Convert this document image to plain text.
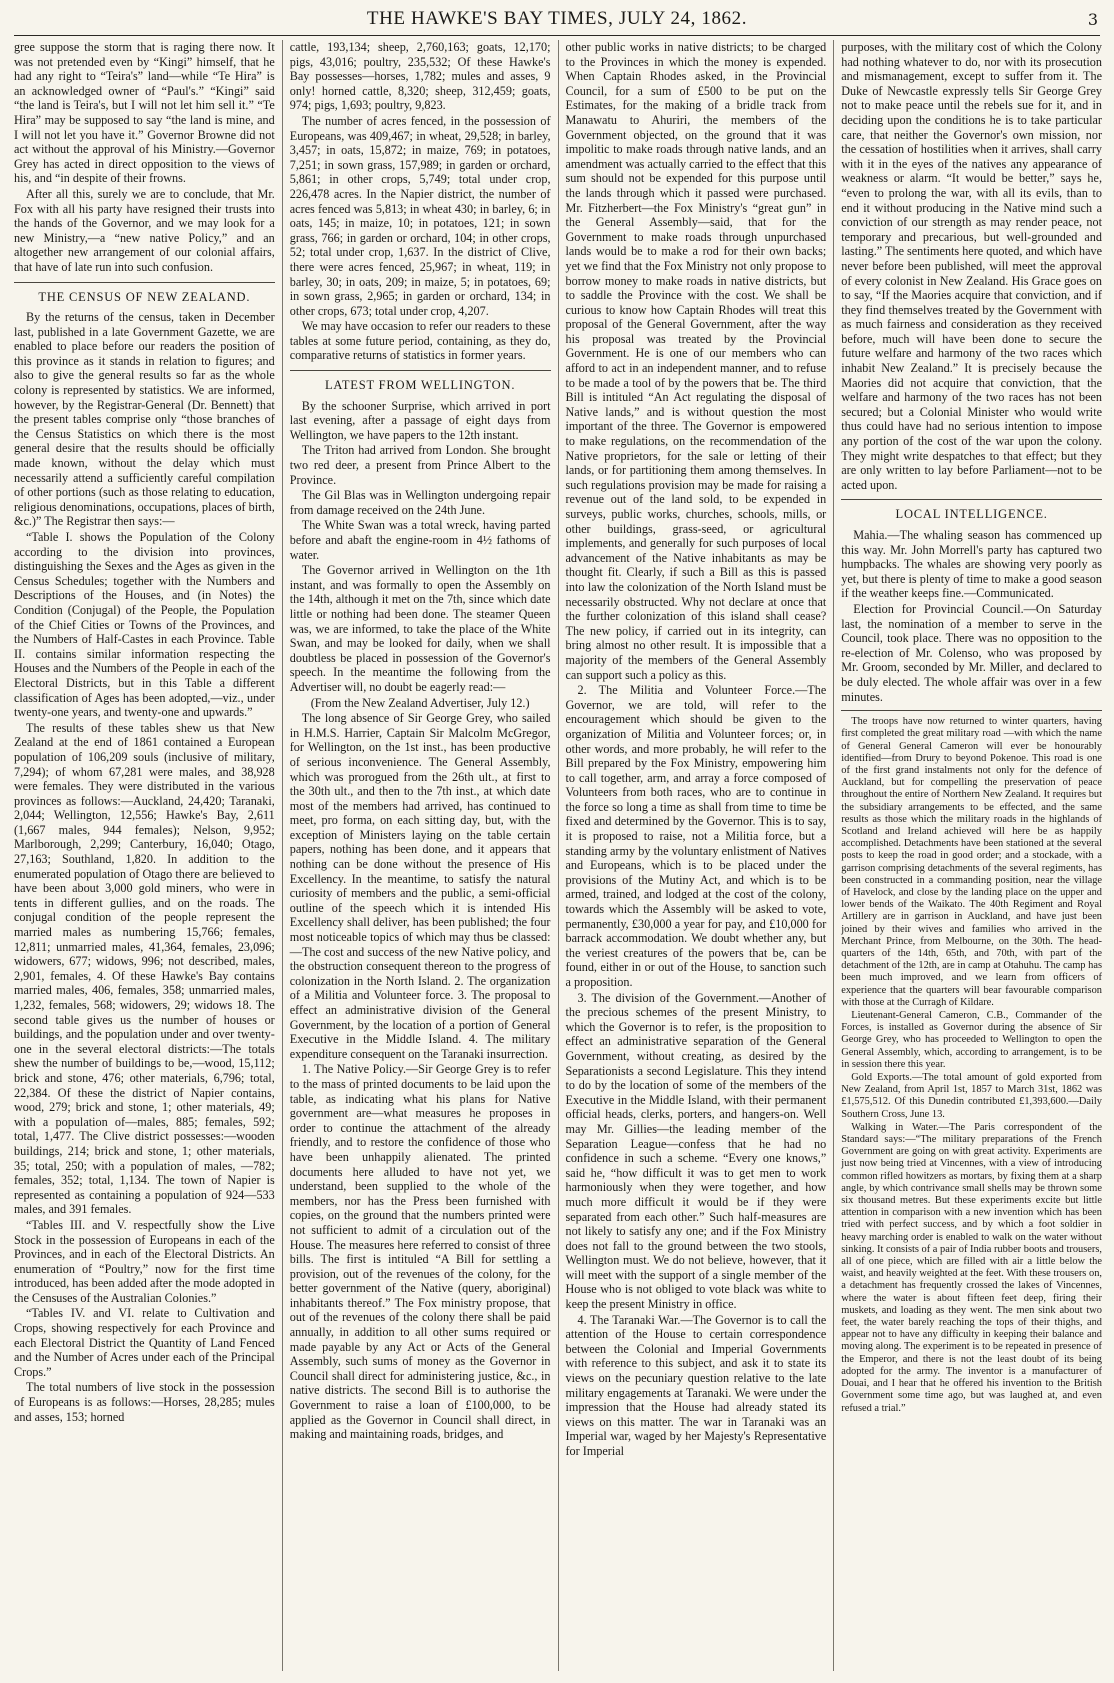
THE HAWKE'S BAY TIMES, JULY 24, 1862.	3

gree suppose the storm that is raging there now. It was not pretended even by “Kingi” himself, that he had any right to “Teira's” land—while “Te Hira” is an acknowledged owner of “Paul's.” “Kingi” said “the land is Teira's, but I will not let him sell it.” “Te Hira” may be supposed to say “the land is mine, and I will not let you have it.” Governor Browne did not act without the approval of his Ministry.—Governor Grey has acted in direct opposition to the views of his, and “in despite of their frowns.

After all this, surely we are to conclude, that Mr. Fox with all his party have resigned their trusts into the hands of the Governor, and we may look for a new Ministry,—a “new native Policy,” and an altogether new arrangement of our colonial affairs, that have of late run into such confusion.

THE CENSUS OF NEW ZEALAND.

By the returns of the census, taken in December last, published in a late Government Gazette, we are enabled to place before our readers the position of this province as it stands in relation to figures; and also to give the general results so far as the whole colony is represented by statistics. We are informed, however, by the Registrar-General (Dr. Bennett) that the present tables comprise only “those branches of the Census Statistics on which there is the most general desire that the results should be officially made known, without the delay which must necessarily attend a sufficiently careful compilation of other portions (such as those relating to education, religious denominations, occupations, places of birth, &c.)” The Registrar then says:—

“Table I. shows the Population of the Colony according to the division into provinces, distinguishing the Sexes and the Ages as given in the Census Schedules; together with the Numbers and Descriptions of the Houses, and (in Notes) the Condition (Conjugal) of the People, the Population of the Chief Cities or Towns of the Provinces, and the Numbers of Half-Castes in each Province. Table II. contains similar information respecting the Houses and the Numbers of the People in each of the Electoral Districts, but in this Table a different classification of Ages has been adopted,—viz., under twenty-one years, and twenty-one and upwards.”

The results of these tables shew us that New Zealand at the end of 1861 contained a European population of 106,209 souls (inclusive of military, 7,294); of whom 67,281 were males, and 38,928 were females. They were distributed in the various provinces as follows:—Auckland, 24,420; Taranaki, 2,044; Wellington, 12,556; Hawke's Bay, 2,611 (1,667 males, 944 females); Nelson, 9,952; Marlborough, 2,299; Canterbury, 16,040; Otago, 27,163; Southland, 1,820. In addition to the enumerated population of Otago there are believed to have been about 3,000 gold miners, who were in tents in different gullies, and on the roads. The conjugal condition of the people represent the married males as numbering 15,766; females, 12,811; unmarried males, 41,364, females, 23,096; widowers, 677; widows, 996; not described, males, 2,901, females, 4. Of these Hawke's Bay contains married males, 406, females, 358; unmarried males, 1,232, females, 568; widowers, 29; widows 18. The second table gives us the number of houses or buildings, and the population under and over twenty-one in the several electoral districts:—The totals shew the number of buildings to be,—wood, 15,112; brick and stone, 476; other materials, 6,796; total, 22,384. Of these the district of Napier contains, wood, 279; brick and stone, 1; other materials, 49; with a population of—males, 885; females, 592; total, 1,477. The Clive district possesses:—wooden buildings, 214; brick and stone, 1; other materials, 35; total, 250; with a population of males, —782; females, 352; total, 1,134. The town of Napier is represented as containing a population of 924—533 males, and 391 females.

“Tables III. and V. respectfully show the Live Stock in the possession of Europeans in each of the Provinces, and in each of the Electoral Districts. An enumeration of “Poultry,” now for the first time introduced, has been added after the mode adopted in the Censuses of the Australian Colonies.”

“Tables IV. and VI. relate to Cultivation and Crops, showing respectively for each Province and each Electoral District the Quantity of Land Fenced and the Number of Acres under each of the Principal Crops.”

The total numbers of live stock in the possession of Europeans is as follows:—Horses, 28,285; mules and asses, 153; horned

cattle, 193,134; sheep, 2,760,163; goats, 12,170; pigs, 43,016; poultry, 235,532; Of these Hawke's Bay possesses—horses, 1,782; mules and asses, 9 only! horned cattle, 8,320; sheep, 312,459; goats, 974; pigs, 1,693; poultry, 9,823.

The number of acres fenced, in the possession of Europeans, was 409,467; in wheat, 29,528; in barley, 3,457; in oats, 15,872; in maize, 769; in potatoes, 7,251; in sown grass, 157,989; in garden or orchard, 5,861; in other crops, 5,749; total under crop, 226,478 acres. In the Napier district, the number of acres fenced was 5,813; in wheat 430; in barley, 6; in oats, 145; in maize, 10; in potatoes, 121; in sown grass, 766; in garden or orchard, 104; in other crops, 52; total under crop, 1,637. In the district of Clive, there were acres fenced, 25,967; in wheat, 119; in barley, 30; in oats, 209; in maize, 5; in potatoes, 69; in sown grass, 2,965; in garden or orchard, 134; in other crops, 673; total under crop, 4,207.

We may have occasion to refer our readers to these tables at some future period, containing, as they do, comparative returns of statistics in former years.

LATEST FROM WELLINGTON.

By the schooner Surprise, which arrived in port last evening, after a passage of eight days from Wellington, we have papers to the 12th instant.

The Triton had arrived from London. She brought two red deer, a present from Prince Albert to the Province.

The Gil Blas was in Wellington undergoing repair from damage received on the 24th June.

The White Swan was a total wreck, having parted before and abaft the engine-room in 4½ fathoms of water.

The Governor arrived in Wellington on the 1th instant, and was formally to open the Assembly on the 14th, although it met on the 7th, since which date little or nothing had been done. The steamer Queen was, we are informed, to take the place of the White Swan, and may be looked for daily, when we shall doubtless be placed in possession of the Governor's speech. In the meantime the following from the Advertiser will, no doubt be eagerly read:—

(From the New Zealand Advertiser, July 12.)

The long absence of Sir George Grey, who sailed in H.M.S. Harrier, Captain Sir Malcolm McGregor, for Wellington, on the 1st inst., has been productive of serious inconvenience. The General Assembly, which was prorogued from the 26th ult., at first to the 30th ult., and then to the 7th inst., at which date most of the members had arrived, has continued to meet, pro forma, on each sitting day, but, with the exception of Ministers laying on the table certain papers, nothing has been done, and it appears that nothing can be done without the presence of His Excellency. In the meantime, to satisfy the natural curiosity of members and the public, a semi-official outline of the speech which it is intended His Excellency shall deliver, has been published; the four most noticeable topics of which may thus be classed:—The cost and success of the new Native policy, and the obstruction consequent thereon to the progress of colonization in the North Island. 2. The organization of a Militia and Volunteer force. 3. The proposal to effect an administrative division of the General Government, by the location of a portion of General Executive in the Middle Island. 4. The military expenditure consequent on the Taranaki insurrection.

1. The Native Policy.—Sir George Grey is to refer to the mass of printed documents to be laid upon the table, as indicating what his plans for Native government are—what measures he proposes in order to continue the attachment of the already friendly, and to restore the confidence of those who have been unhappily alienated. The printed documents here alluded to have not yet, we understand, been supplied to the whole of the members, nor has the Press been furnished with copies, on the ground that the numbers printed were not sufficient to admit of a circulation out of the House. The measures here referred to consist of three bills. The first is intituled “A Bill for settling a provision, out of the revenues of the colony, for the better government of the Native (query, aboriginal) inhabitants thereof.” The Fox ministry propose, that out of the revenues of the colony there shall be paid annually, in addition to all other sums required or made payable by any Act or Acts of the General Assembly, such sums of money as the Governor in Council shall direct for administering justice, &c., in native districts. The second Bill is to authorise the Government to raise a loan of £100,000, to be applied as the Governor in Council shall direct, in making and maintaining roads, bridges, and

other public works in native districts; to be charged to the Provinces in which the money is expended. When Captain Rhodes asked, in the Provincial Council, for a sum of £500 to be put on the Estimates, for the making of a bridle track from Manawatu to Ahuriri, the members of the Government objected, on the ground that it was impolitic to make roads through native lands, and an amendment was actually carried to the effect that this sum should not be expended for this purpose until the lands through which it passed were purchased. Mr. Fitzherbert—the Fox Ministry's “great gun” in the General Assembly—said, that for the Government to make roads through unpurchased lands would be to make a rod for their own backs; yet we find that the Fox Ministry not only propose to borrow money to make roads in native districts, but to saddle the Province with the cost. We shall be curious to know how Captain Rhodes will treat this proposal of the General Government, after the way his proposal was treated by the Provincial Government. He is one of our members who can afford to act in an independent manner, and to refuse to be made a tool of by the powers that be. The third Bill is intituled “An Act regulating the disposal of Native lands,” and is without question the most important of the three. The Governor is empowered to make regulations, on the recommendation of the Native proprietors, for the sale or letting of their lands, or for partitioning them among themselves. In such regulations provision may be made for raising a revenue out of the land sold, to be expended in surveys, public works, churches, schools, mills, or other buildings, grass-seed, or agricultural implements, and generally for such purposes of local advancement of the Native inhabitants as may be thought fit. Clearly, if such a Bill as this is passed into law the colonization of the North Island must be necessarily obstructed. Why not declare at once that the further colonization of this island shall cease? The new policy, if carried out in its integrity, can bring almost no other result. It is impossible that a majority of the members of the General Assembly can support such a policy as this.

2. The Militia and Volunteer Force.—The Governor, we are told, will refer to the encouragement which should be given to the organization of Militia and Volunteer forces; or, in other words, and more probably, he will refer to the Bill prepared by the Fox Ministry, empowering him to call together, arm, and array a force composed of Volunteers from both races, who are to continue in the force so long a time as shall from time to time be fixed and determined by the Governor. This is to say, it is proposed to raise, not a Militia force, but a standing army by the voluntary enlistment of Natives and Europeans, which is to be placed under the provisions of the Mutiny Act, and which is to be armed, trained, and lodged at the cost of the colony, towards which the Assembly will be asked to vote, permanently, £30,000 a year for pay, and £10,000 for barrack accommodation. We doubt whether any, but the veriest creatures of the powers that be, can be found, either in or out of the House, to sanction such a proposition.

3. The division of the Government.—Another of the precious schemes of the present Ministry, to which the Governor is to refer, is the proposition to effect an administrative separation of the General Government, without creating, as desired by the Separationists a second Legislature. This they intend to do by the location of some of the members of the Executive in the Middle Island, with their permanent official heads, clerks, porters, and hangers-on. Well may Mr. Gillies—the leading member of the Separation League—confess that he had no confidence in such a scheme. “Every one knows,” said he, “how difficult it was to get men to work harmoniously when they were together, and how much more difficult it would be if they were separated from each other.” Such half-measures are not likely to satisfy any one; and if the Fox Ministry does not fall to the ground between the two stools, Wellington must. We do not believe, however, that it will meet with the support of a single member of the House who is not obliged to vote black was white to keep the present Ministry in office.

4. The Taranaki War.—The Governor is to call the attention of the House to certain correspondence between the Colonial and Imperial Governments with reference to this subject, and ask it to state its views on the pecuniary question relative to the late military engagements at Taranaki. We were under the impression that the House had already stated its views on this matter. The war in Taranaki was an Imperial war, waged by her Majesty's Representative for Imperial

purposes, with the military cost of which the Colony had nothing whatever to do, nor with its prosecution and mismanagement, except to suffer from it. The Duke of Newcastle expressly tells Sir George Grey not to make peace until the rebels sue for it, and in deciding upon the conditions he is to take particular care, that neither the Governor's own mission, nor the cessation of hostilities when it arrives, shall carry with it in the eyes of the natives any appearance of weakness or alarm. “It would be better,” says he, “even to prolong the war, with all its evils, than to end it without producing in the Native mind such a conviction of our strength as may render peace, not temporary and precarious, but well-grounded and lasting.” The sentiments here quoted, and which have never before been published, will meet the approval of every colonist in New Zealand. His Grace goes on to say, “If the Maories acquire that conviction, and if they find themselves treated by the Government with as much fairness and consideration as they received before, much will have been done to secure the future welfare and harmony of the two races which inhabit New Zealand.” It is precisely because the Maories did not acquire that conviction, that the welfare and harmony of the two races has not been secured; but a Colonial Minister who would write thus could have had no serious intention to impose any portion of the cost of the war upon the colony. They might write despatches to that effect; but they are only written to lay before Parliament—not to be acted upon.

LOCAL INTELLIGENCE.

Mahia.—The whaling season has commenced up this way. Mr. John Morrell's party has captured two humpbacks. The whales are showing very poorly as yet, but there is plenty of time to make a good season if the weather keeps fine.—Communicated.

Election for Provincial Council.—On Saturday last, the nomination of a member to serve in the Council, took place. There was no opposition to the re-election of Mr. Colenso, who was proposed by Mr. Groom, seconded by Mr. Miller, and declared to be duly elected. The whole affair was over in a few minutes.

The troops have now returned to winter quarters, having first completed the great military road —with which the name of General General Cameron will ever be honourably identified—from Drury to beyond Pokenoe. This road is one of the first grand instalments not only for the defence of Auckland, but for compelling the preservation of peace throughout the entire of Northern New Zealand. It requires but the subsidiary arrangements to be effected, and the same results as those which the military roads in the highlands of Scotland and Ireland achieved will here be as happily accomplished. Detachments have been stationed at the several posts to keep the road in good order; and a stockade, with a garrison comprising detachments of the several regiments, has been constructed in a commanding position, near the village of Havelock, and close by the landing place on the upper and lower bends of the Waikato. The 40th Regiment and Royal Artillery are in garrison in Auckland, and have just been joined by their wives and families who arrived in the Merchant Prince, from Melbourne, on the 30th. The head-quarters of the 14th, 65th, and 70th, with part of the detachment of the 12th, are in camp at Otahuhu. The camp has been much improved, and we learn from officers of experience that the quarters will bear favourable comparison with those at the Curragh of Kildare.

Lieutenant-General Cameron, C.B., Commander of the Forces, is installed as Governor during the absence of Sir George Grey, who has proceeded to Wellington to open the General Assembly, which, according to arrangement, is to be in session there this year.

Gold Exports.—The total amount of gold exported from New Zealand, from April 1st, 1857 to March 31st, 1862 was £1,575,512. Of this Dunedin contributed £1,393,600.—Daily Southern Cross, June 13.

Walking in Water.—The Paris correspondent of the Standard says:—“The military preparations of the French Government are going on with great activity. Experiments are just now being tried at Vincennes, with a view of introducing common rifled howitzers as mortars, by fixing them at a sharp angle, by which contrivance small shells may be thrown some six thousand metres. But these experiments excite but little attention in comparison with a new invention which has been tried with perfect success, and by which a foot soldier in heavy marching order is enabled to walk on the water without sinking. It consists of a pair of India rubber boots and trousers, all of one piece, which are filled with air a little below the waist, and heavily weighted at the feet. With these trousers on, a detachment has frequently crossed the lakes of Vincennes, where the water is about fifteen feet deep, firing their muskets, and loading as they went. The men sink about two feet, the water barely reaching the tops of their thighs, and appear not to have any difficulty in keeping their balance and moving along. The experiment is to be repeated in presence of the Emperor, and there is not the least doubt of its being adopted for the army. The inventor is a manufacturer of Douai, and I hear that he offered his invention to the British Government some time ago, but was laughed at, and even refused a trial.”
